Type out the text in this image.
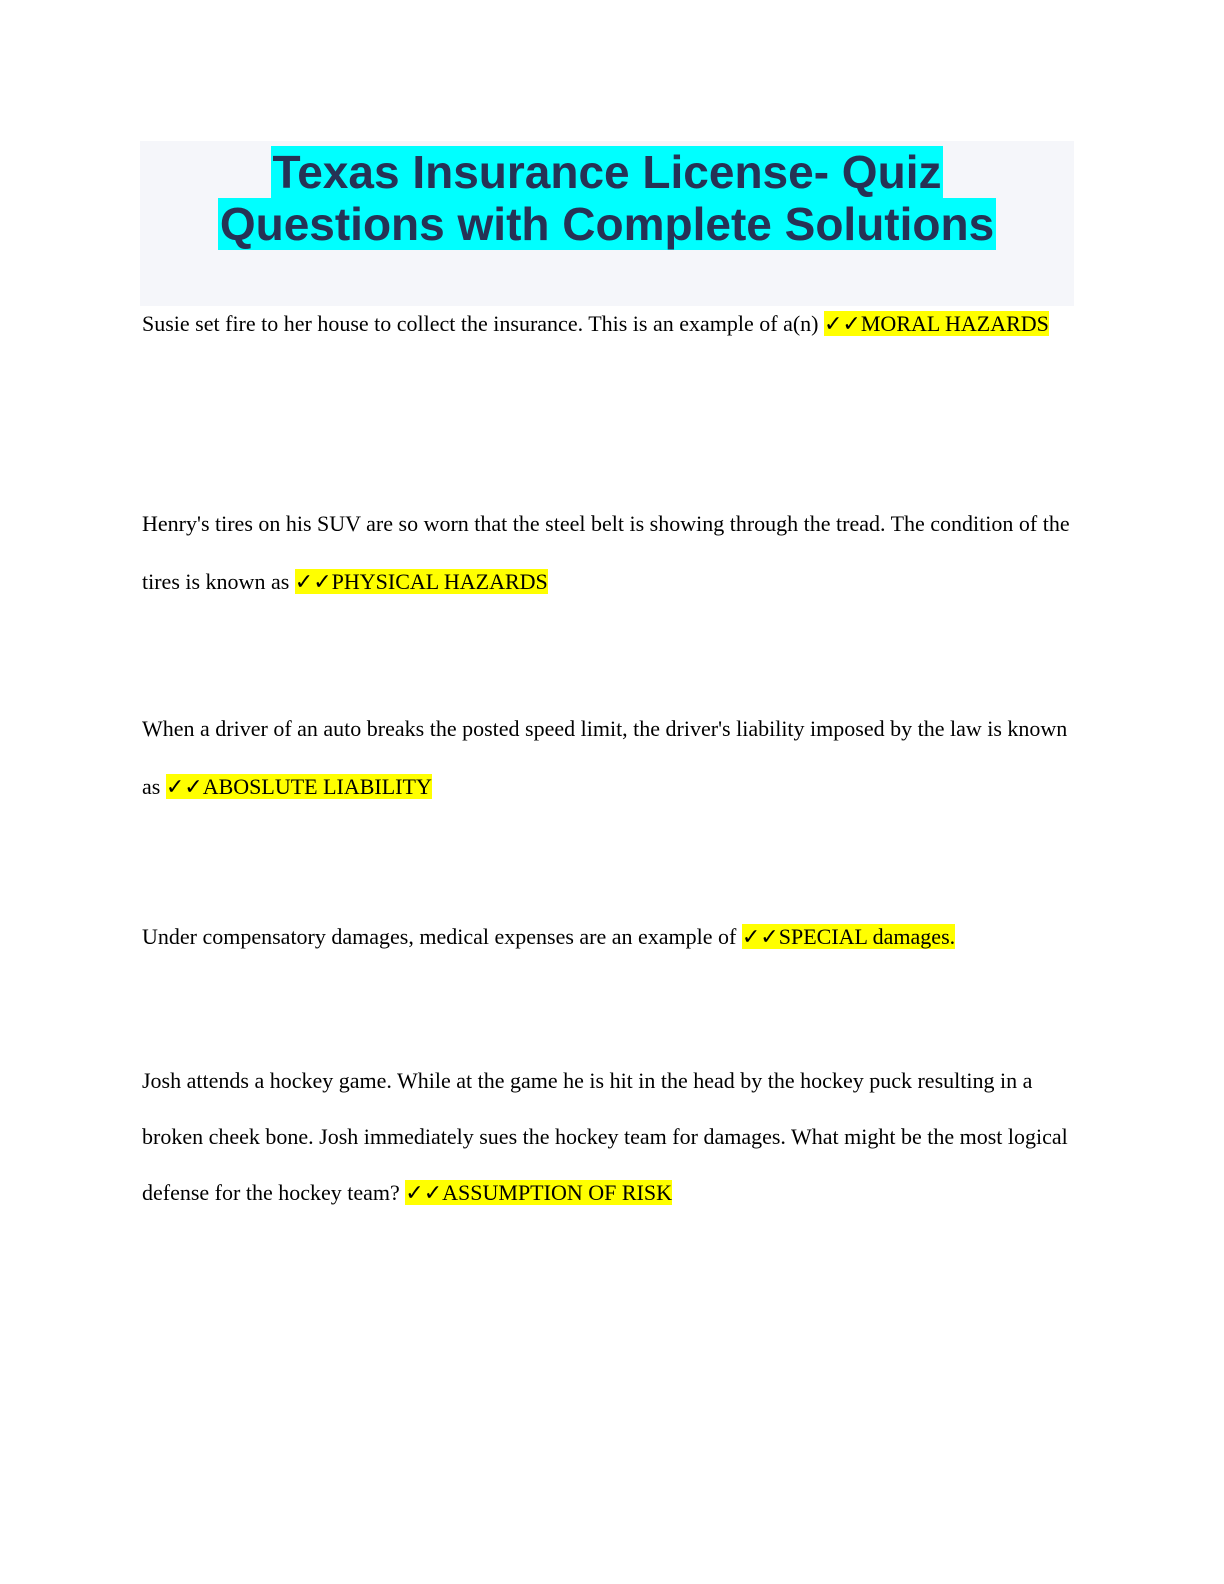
Texas Insurance License- Quiz
Questions with Complete Solutions
Susie set fire to her house to collect the insurance. This is an example of a(n) ✓✓MORAL HAZARDS
Henry's tires on his SUV are so worn that the steel belt is showing through the tread. The condition of the tires is known as ✓✓PHYSICAL HAZARDS
When a driver of an auto breaks the posted speed limit, the driver's liability imposed by the law is known as ✓✓ABOSLUTE LIABILITY
Under compensatory damages, medical expenses are an example of ✓✓SPECIAL damages.
Josh attends a hockey game. While at the game he is hit in the head by the hockey puck resulting in a broken cheek bone. Josh immediately sues the hockey team for damages. What might be the most logical defense for the hockey team? ✓✓ASSUMPTION OF RISK
